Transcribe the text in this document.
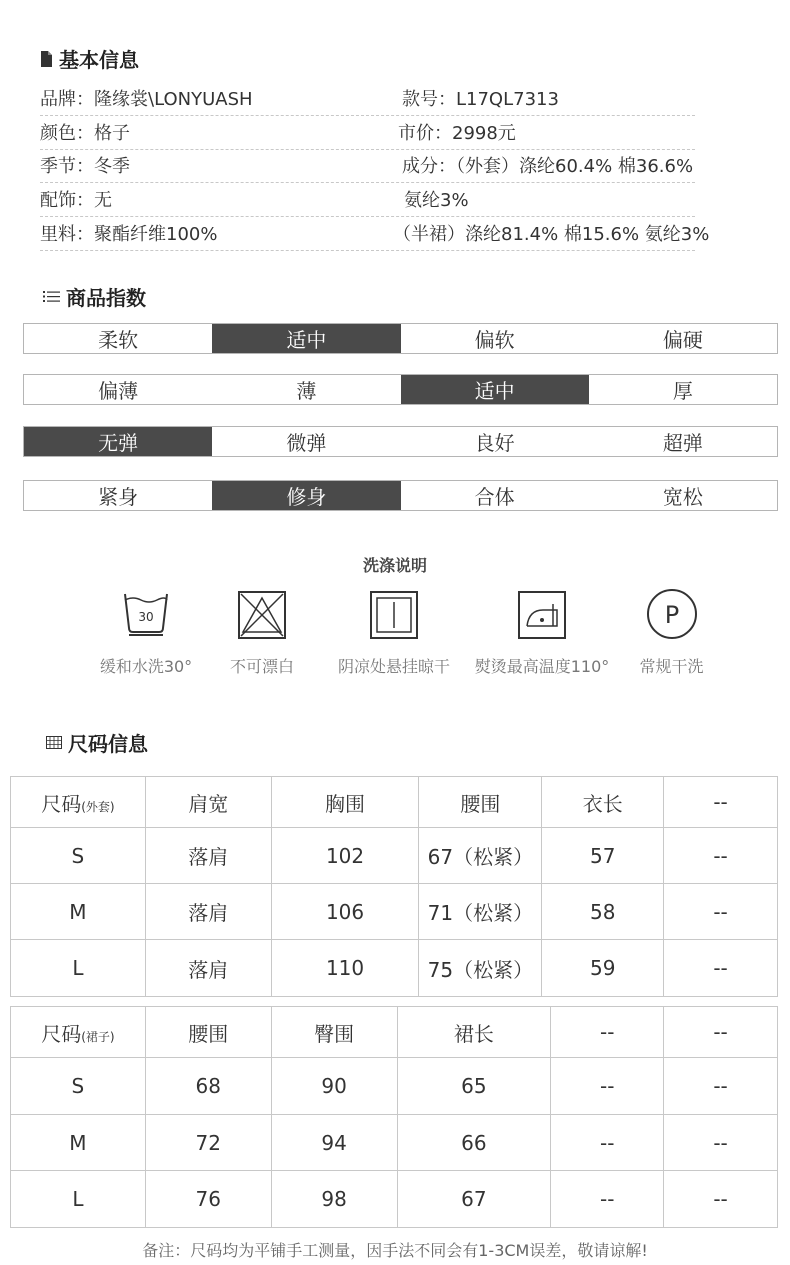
基本信息
品牌：隆缘裳\LONYUASH	款号：L17QL7313
颜色：格子	市价：2998元
季节：冬季	成分：（外套）涤纶60.4% 棉36.6%
配饰：无	氨纶3%
里料：聚酯纤维100%	（半裙）涤纶81.4% 棉15.6% 氨纶3%
商品指数
柔软	适中	偏软	偏硬
偏薄	薄	适中	厚
无弹	微弹	良好	超弹
紧身	修身	合体	宽松
洗涤说明
30
缓和水洗30°	不可漂白	阴凉处悬挂晾干	熨烫最高温度110°
P
常规干洗
尺码信息
尺码(外套)	肩宽	胸围	腰围	衣长	--
S	落肩	102	67（松紧）	57	--
M	落肩	106	71（松紧）	58	--
L	落肩	110	75（松紧）	59	--
尺码(裙子)	腰围	臀围	裙长	--	--
S	68	90	65	--	--
M	72	94	66	--	--
L	76	98	67	--	--
备注：尺码均为平铺手工测量，因手法不同会有1-3CM误差，敬请谅解!
